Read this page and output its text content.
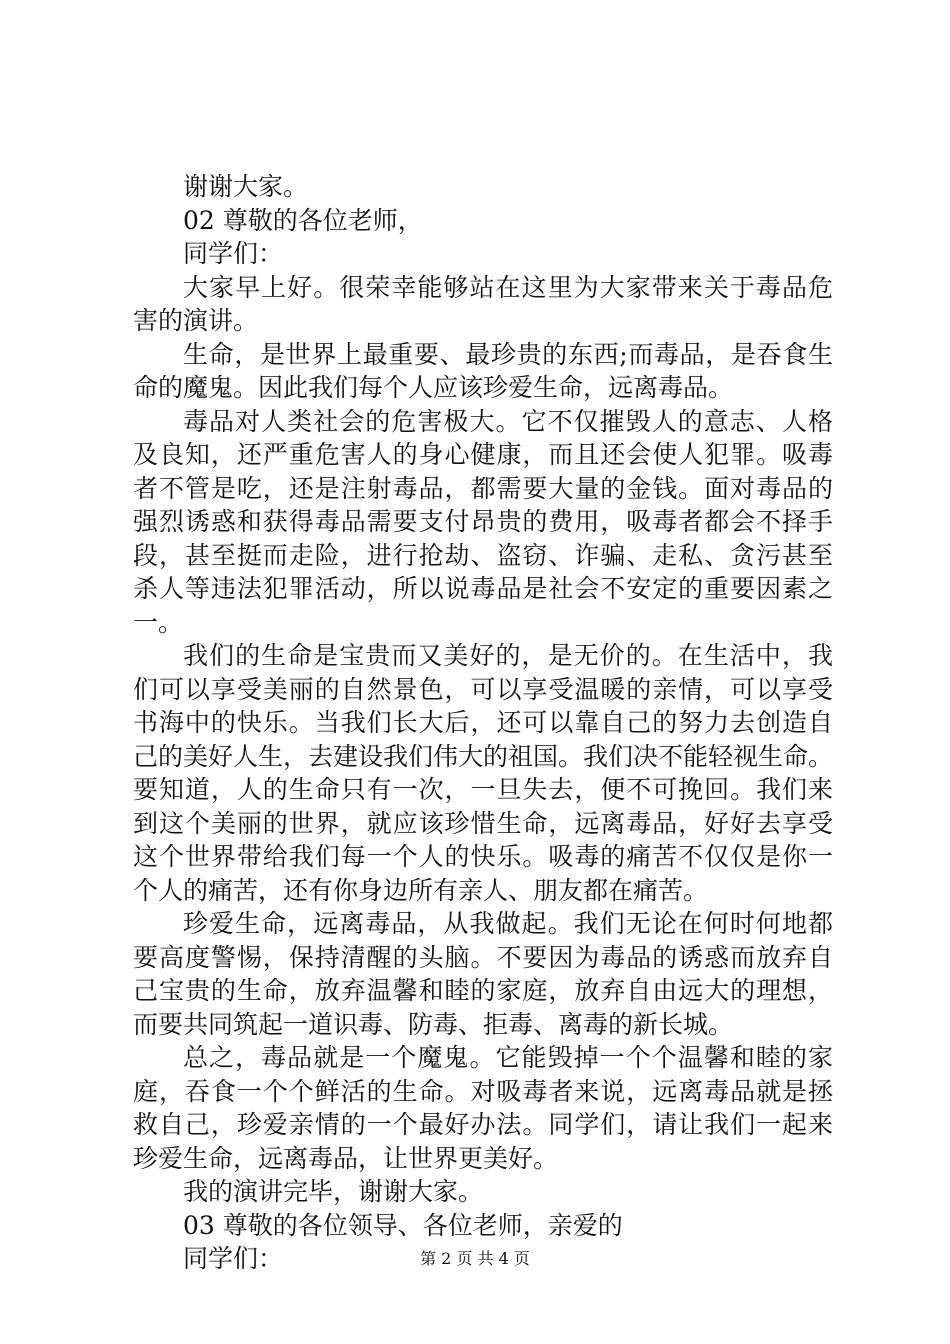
谢谢大家。

02 尊敬的各位老师，

同学们：

大家早上好。很荣幸能够站在这里为大家带来关于毒品危

害的演讲。

生命，是世界上最重要、最珍贵的东西;而毒品，是吞食生

命的魔鬼。因此我们每个人应该珍爱生命，远离毒品。

毒品对人类社会的危害极大。它不仅摧毁人的意志、人格

及良知，还严重危害人的身心健康，而且还会使人犯罪。吸毒

者不管是吃，还是注射毒品，都需要大量的金钱。面对毒品的

强烈诱惑和获得毒品需要支付昂贵的费用，吸毒者都会不择手

段，甚至挺而走险，进行抢劫、盗窃、诈骗、走私、贪污甚至

杀人等违法犯罪活动，所以说毒品是社会不安定的重要因素之

一。

我们的生命是宝贵而又美好的，是无价的。在生活中，我

们可以享受美丽的自然景色，可以享受温暖的亲情，可以享受

书海中的快乐。当我们长大后，还可以靠自己的努力去创造自

己的美好人生，去建设我们伟大的祖国。我们决不能轻视生命。

要知道，人的生命只有一次，一旦失去，便不可挽回。我们来

到这个美丽的世界，就应该珍惜生命，远离毒品，好好去享受

这个世界带给我们每一个人的快乐。吸毒的痛苦不仅仅是你一

个人的痛苦，还有你身边所有亲人、朋友都在痛苦。

珍爱生命，远离毒品，从我做起。我们无论在何时何地都

要高度警惕，保持清醒的头脑。不要因为毒品的诱惑而放弃自

己宝贵的生命，放弃温馨和睦的家庭，放弃自由远大的理想，

而要共同筑起一道识毒、防毒、拒毒、离毒的新长城。

总之，毒品就是一个魔鬼。它能毁掉一个个温馨和睦的家

庭，吞食一个个鲜活的生命。对吸毒者来说，远离毒品就是拯

救自己，珍爱亲情的一个最好办法。同学们，请让我们一起来

珍爱生命，远离毒品，让世界更美好。

我的演讲完毕，谢谢大家。

03 尊敬的各位领导、各位老师，亲爱的

同学们：	第 2 页 共 4 页
